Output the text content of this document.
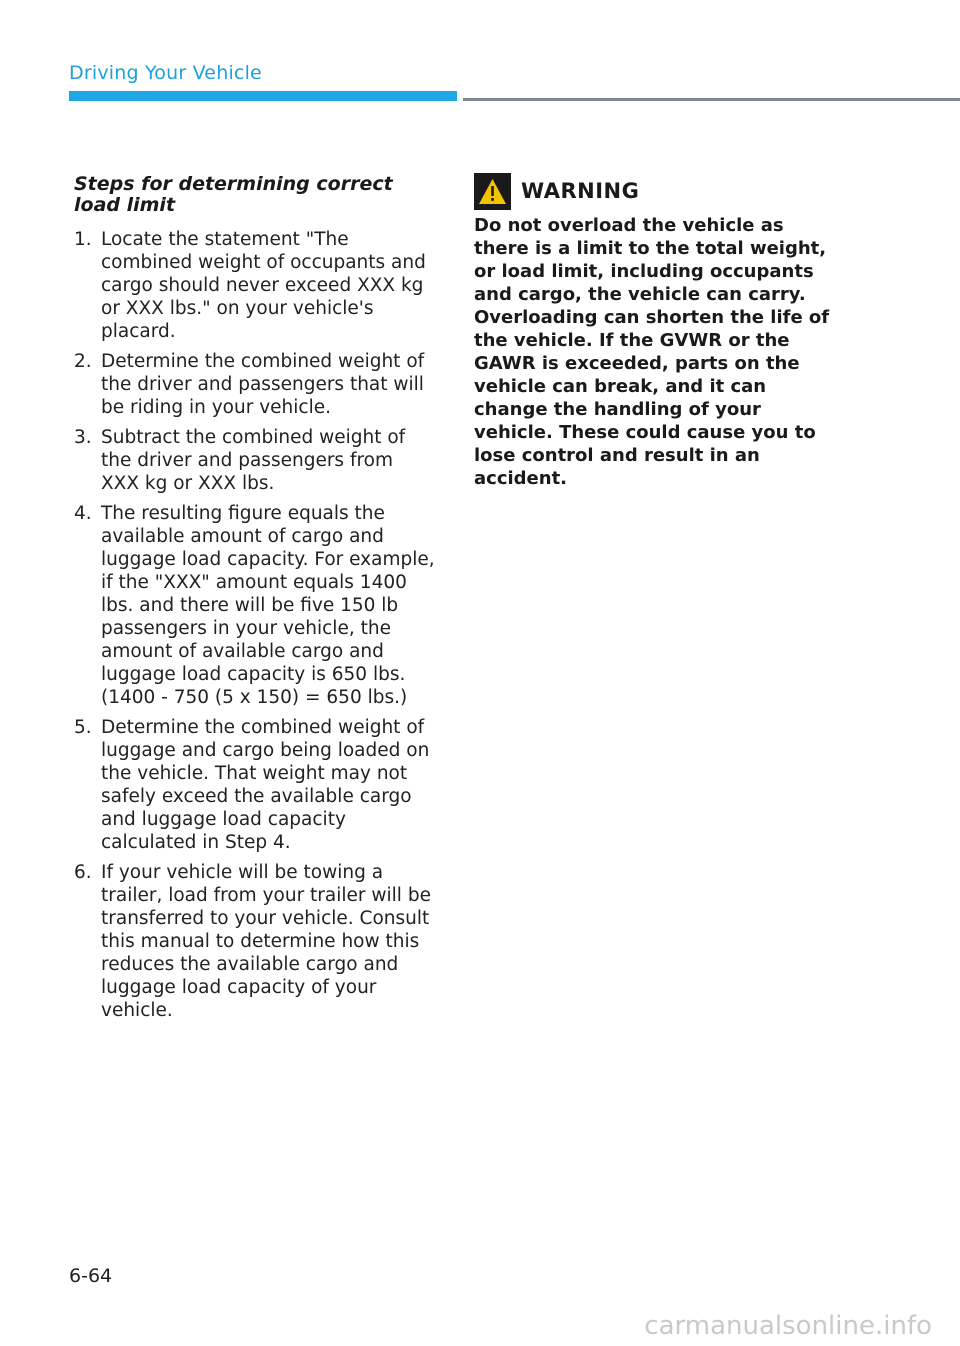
Driving Your Vehicle
Steps for determining correct load limit
1. Locate the statement "The combined weight of occupants and cargo should never exceed XXX kg or XXX lbs." on your vehicle's placard.
2. Determine the combined weight of the driver and passengers that will be riding in your vehicle.
3. Subtract the combined weight of the driver and passengers from XXX kg or XXX lbs.
4. The resulting figure equals the available amount of cargo and luggage load capacity. For example, if the "XXX" amount equals 1400 lbs. and there will be five 150 lb passengers in your vehicle, the amount of available cargo and luggage load capacity is 650 lbs. (1400 - 750 (5 x 150) = 650 lbs.)
5. Determine the combined weight of luggage and cargo being loaded on the vehicle. That weight may not safely exceed the available cargo and luggage load capacity calculated in Step 4.
6. If your vehicle will be towing a trailer, load from your trailer will be transferred to your vehicle. Consult this manual to determine how this reduces the available cargo and luggage load capacity of your vehicle.
WARNING

Do not overload the vehicle as there is a limit to the total weight, or load limit, including occupants and cargo, the vehicle can carry. Overloading can shorten the life of the vehicle. If the GVWR or the GAWR is exceeded, parts on the vehicle can break, and it can change the handling of your vehicle. These could cause you to lose control and result in an accident.

6-64
carmanualsonline.info
